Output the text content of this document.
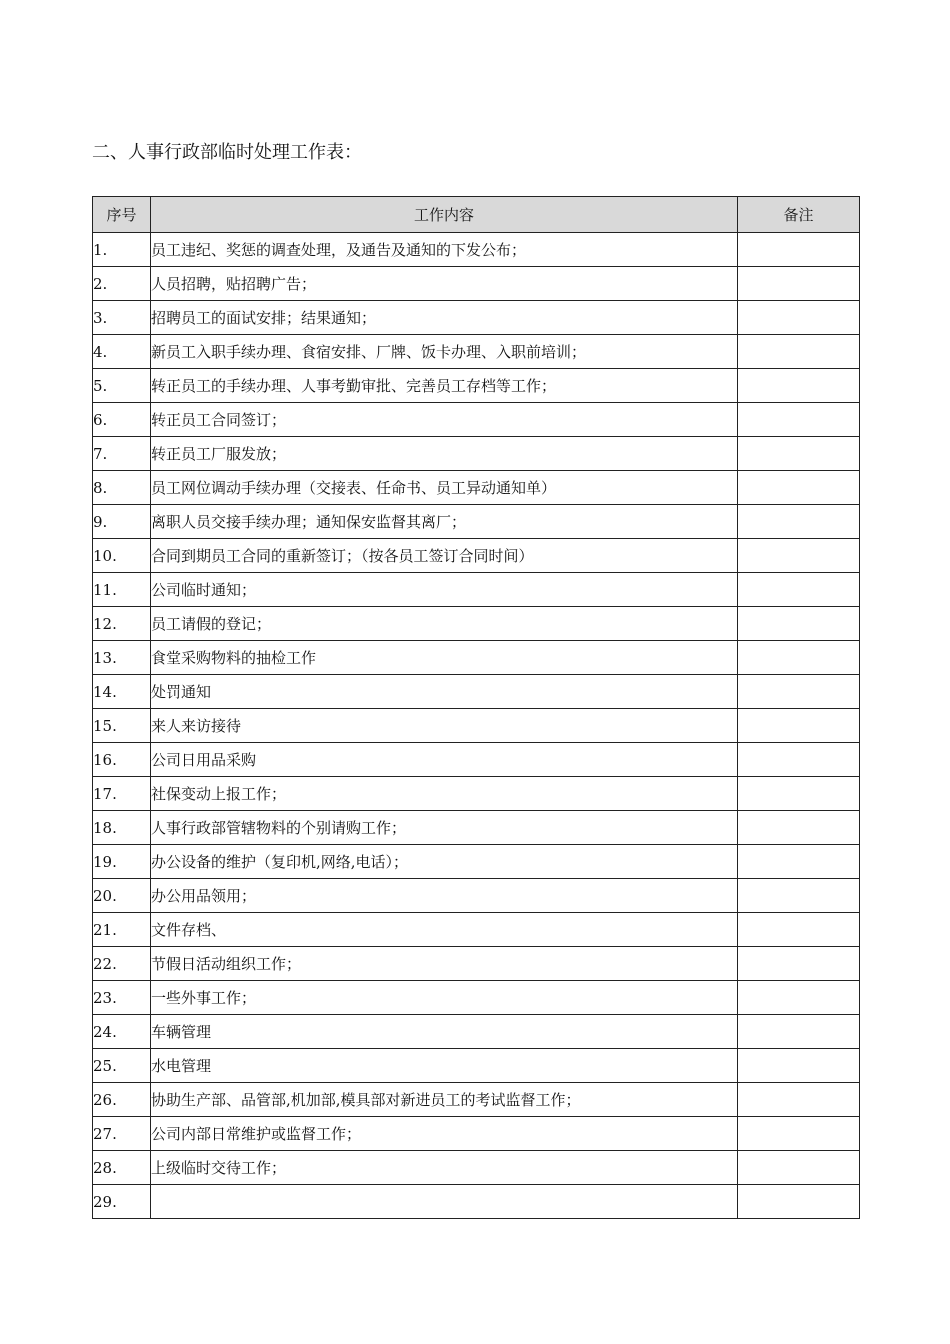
二、人事行政部临时处理工作表：
序号	工作内容	备注
1.	员工违纪、奖惩的调查处理，及通告及通知的下发公布；	
2.	人员招聘，贴招聘广告；	
3.	招聘员工的面试安排；结果通知；	
4.	新员工入职手续办理、食宿安排、厂牌、饭卡办理、入职前培训；	
5.	转正员工的手续办理、人事考勤审批、完善员工存档等工作；	
6.	转正员工合同签订；	
7.	转正员工厂服发放；	
8.	员工网位调动手续办理（交接表、任命书、员工异动通知单）	
9.	离职人员交接手续办理；通知保安监督其离厂；	
10.	合同到期员工合同的重新签订；（按各员工签订合同时间）	
11.	公司临时通知；	
12.	员工请假的登记；	
13.	食堂采购物料的抽检工作	
14.	处罚通知	
15.	来人来访接待	
16.	公司日用品采购	
17.	社保变动上报工作；	
18.	人事行政部管辖物料的个别请购工作；	
19.	办公设备的维护（复印机,网络,电话）；	
20.	办公用品领用；	
21.	文件存档、	
22.	节假日活动组织工作；	
23.	一些外事工作；	
24.	车辆管理	
25.	水电管理	
26.	协助生产部、品管部,机加部,模具部对新进员工的考试监督工作；	
27.	公司内部日常维护或监督工作；	
28.	上级临时交待工作；	
29.		
